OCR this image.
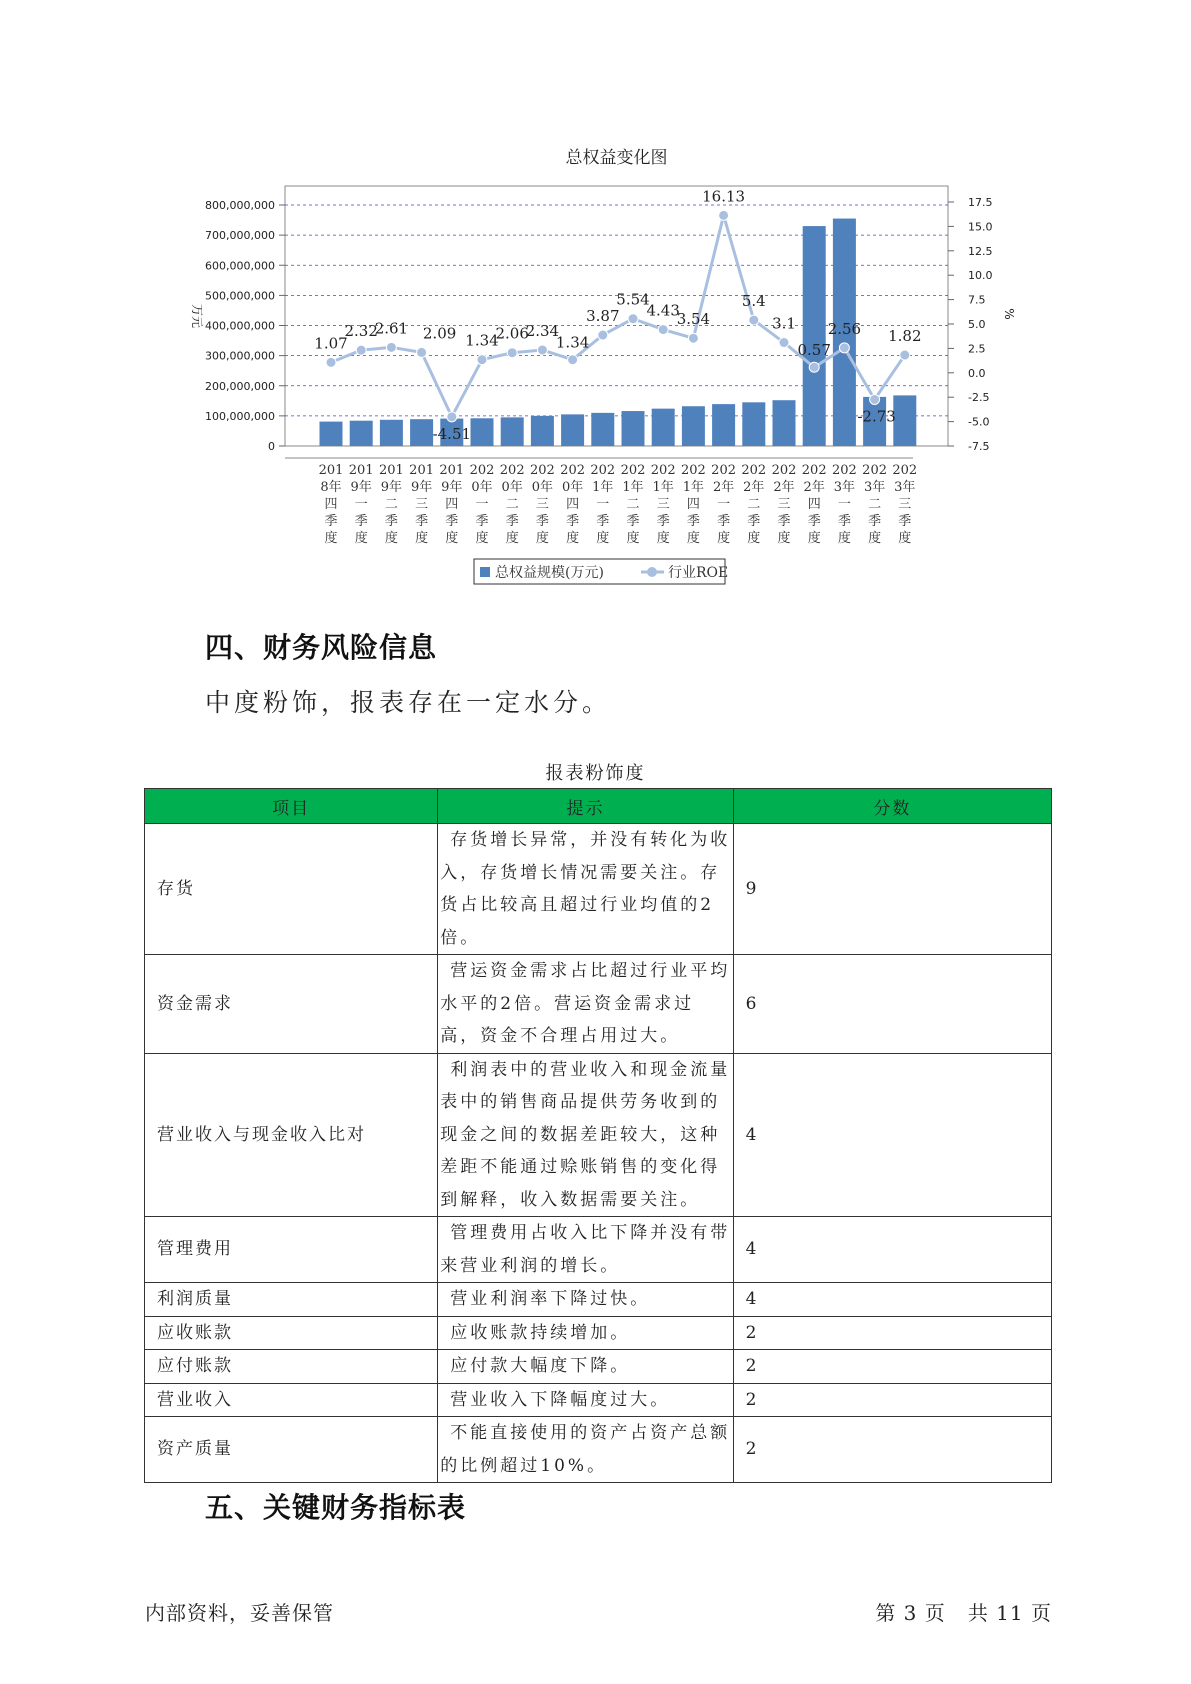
总权益变化图
0
100,000,000
200,000,000
300,000,000
400,000,000
500,000,000
600,000,000
700,000,000
800,000,000
-7.5
-5.0
-2.5
0.0
2.5
5.0
7.5
10.0
12.5
15.0
17.5
万元	%
201
8年
四
季
度
201
9年
一
季
度
201
9年
二
季
度
201
9年
三
季
度
201
9年
四
季
度
202
0年
一
季
度
202
0年
二
季
度
202
0年
三
季
度
202
0年
四
季
度
202
1年
一
季
度
202
1年
二
季
度
202
1年
三
季
度
202
1年
四
季
度
202
2年
一
季
度
202
2年
二
季
度
202
2年
三
季
度
202
2年
四
季
度
202
3年
一
季
度
202
3年
二
季
度
202
3年
三
季
度
1.07
2.32
2.61 2.09
-4.51
1.34
2.06
2.34
1.34
3.87
5.54
4.43
3.54
16.13
5.4
3.1
0.57
2.56
-2.73
1.82
总权益规模(万元)	行业ROE
四、财务风险信息

中度粉饰，报表存在一定水分。

报表粉饰度
项目	提示	分数
存货	存货增长异常，并没有转化为收入，存货增长情况需要关注。存货占比较高且超过行业均值的2倍。	9
资金需求	营运资金需求占比超过行业平均水平的2倍。营运资金需求过高，资金不合理占用过大。	6
营业收入与现金收入比对	利润表中的营业收入和现金流量表中的销售商品提供劳务收到的现金之间的数据差距较大，这种差距不能通过赊账销售的变化得到解释，收入数据需要关注。	4
管理费用	管理费用占收入比下降并没有带来营业利润的增长。	4
利润质量	营业利润率下降过快。	4
应收账款	应收账款持续增加。	2
应付账款	应付款大幅度下降。	2
营业收入	营业收入下降幅度过大。	2
资产质量	不能直接使用的资产占资产总额的比例超过10%。	2
五、关键财务指标表
内部资料，妥善保管	第 3 页   共 11 页
